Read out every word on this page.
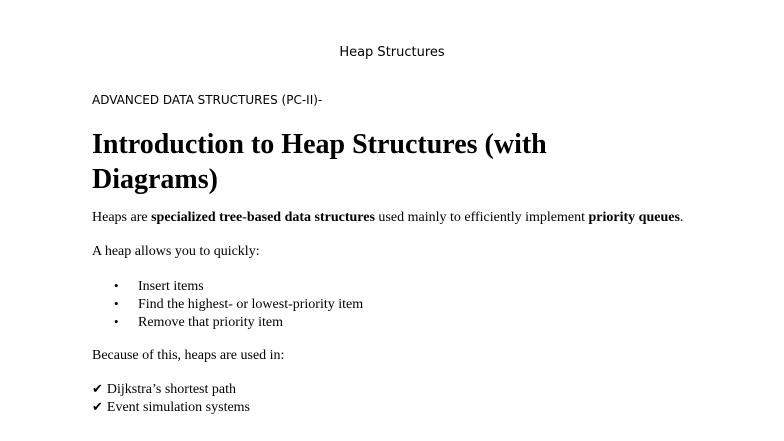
Heap Structures

ADVANCED DATA STRUCTURES (PC-II)-

Introduction to Heap Structures (with Diagrams)

Heaps are specialized tree-based data structures used mainly to efficiently implement priority queues.

A heap allows you to quickly:

•	Insert items
•	Find the highest- or lowest-priority item
•	Remove that priority item

Because of this, heaps are used in:

✔ Dijkstra’s shortest path
✔ Event simulation systems
